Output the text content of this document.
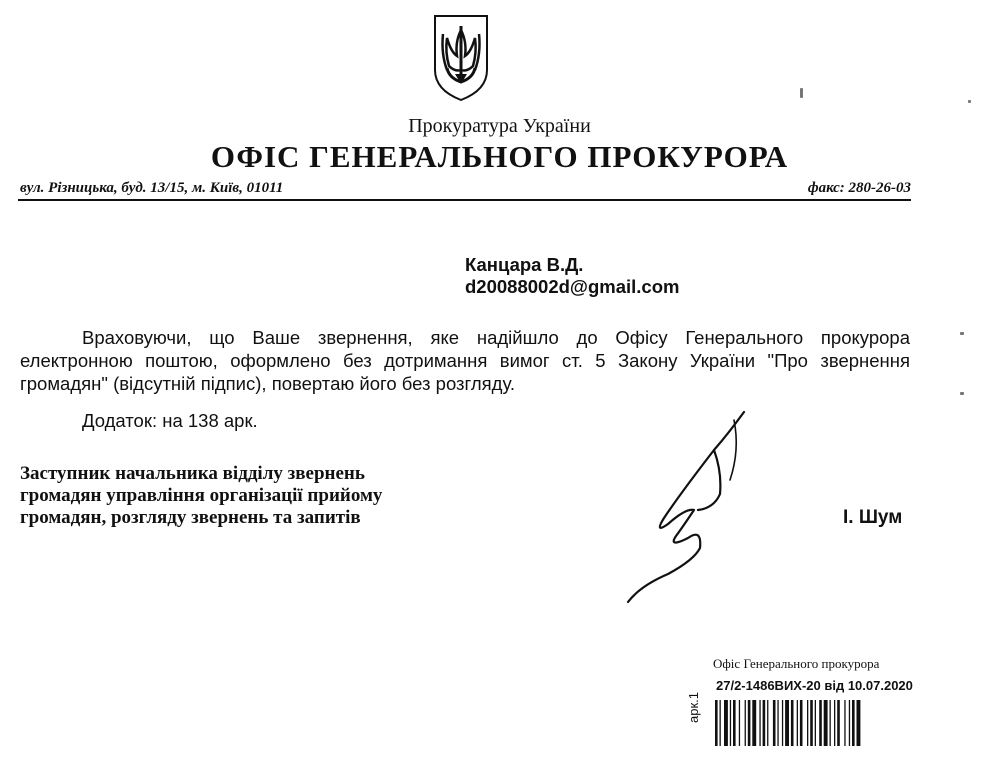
Прокуратура України
ОФІС ГЕНЕРАЛЬНОГО ПРОКУРОРА
вул. Різницька, буд. 13/15, м. Київ, 01011	факс: 280-26-03
Канцара В.Д.
d20088002d@gmail.com

Враховуючи, що Ваше звернення, яке надійшло до Офісу Генерального прокурора електронною поштою, оформлено без дотримання вимог ст. 5 Закону України "Про звернення громадян" (відсутній підпис), повертаю його без розгляду.

Додаток: на 138 арк.
Заступник начальника відділу звернень
громадян управління організації прийому
громадян, розгляду звернень та запитів	І. Шум
Офіс Генерального прокурора
27/2-1486ВИХ-20 від 10.07.2020
арк.1
